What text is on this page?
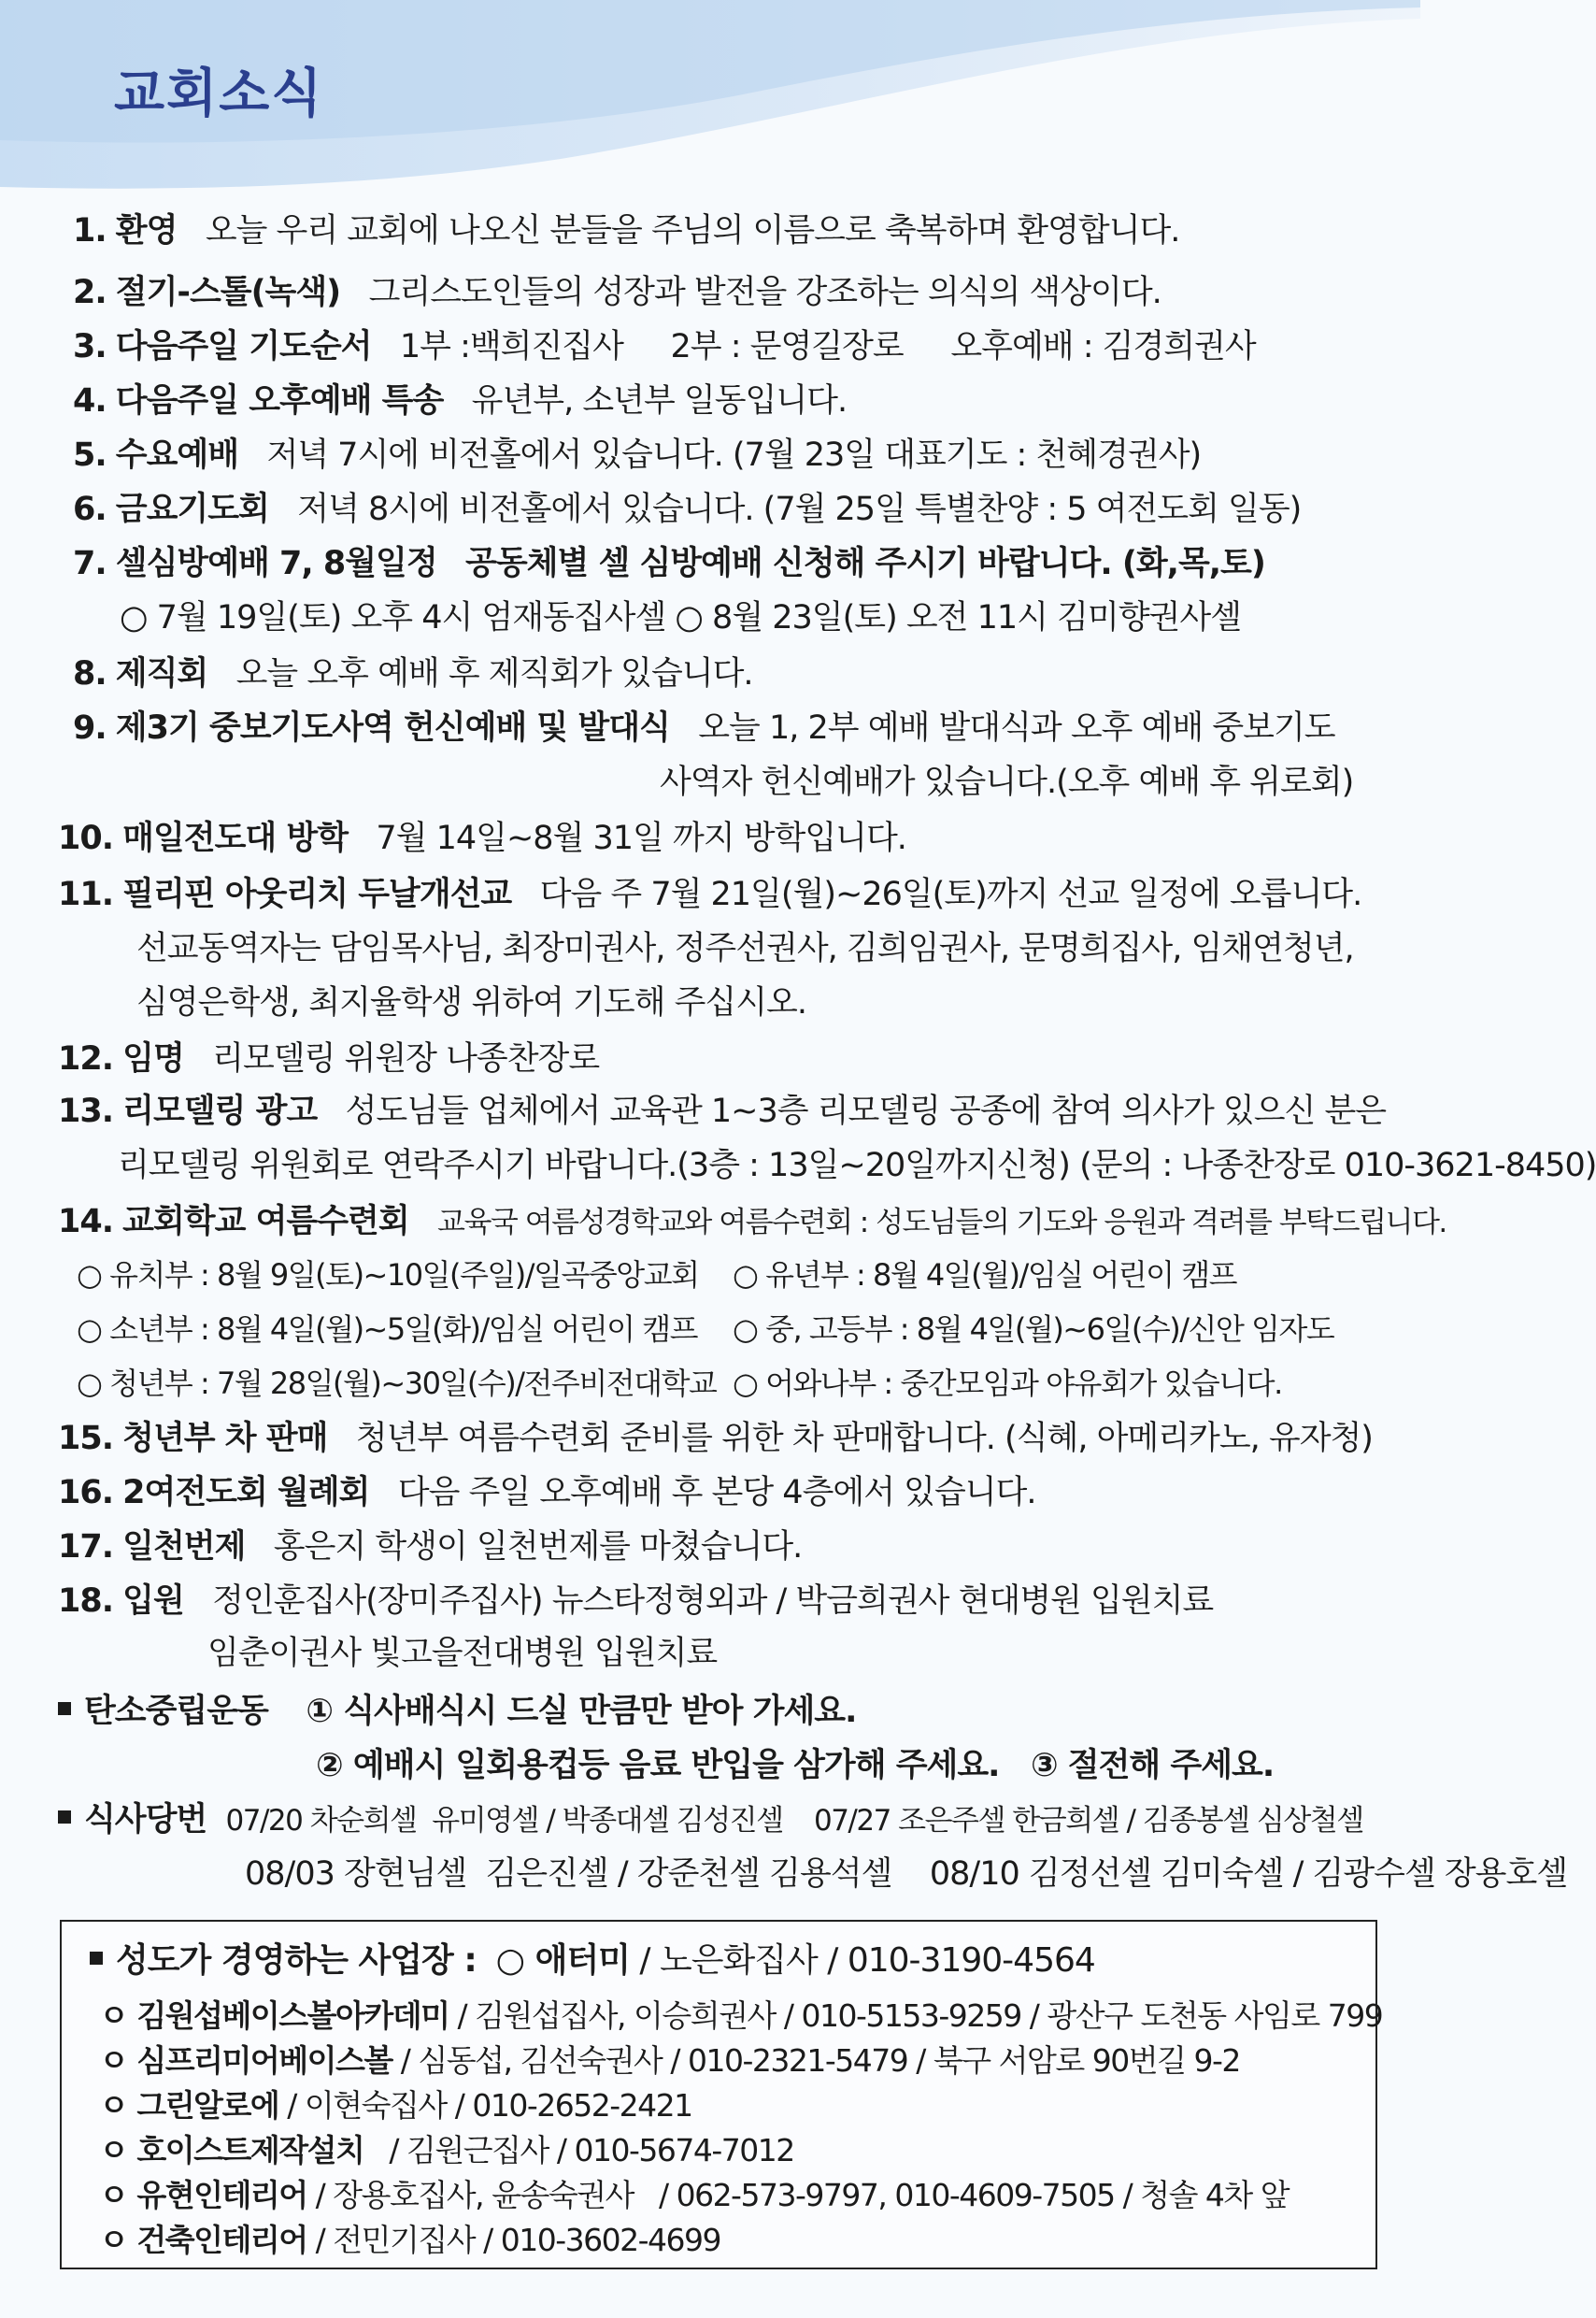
교회소식
1. 환영 오늘 우리 교회에 나오신 분들을 주님의 이름으로 축복하며 환영합니다.
2. 절기-스톨(녹색) 그리스도인들의 성장과 발전을 강조하는 의식의 색상이다.
3. 다음주일 기도순서 1부 :백희진집사     2부 : 문영길장로     오후예배 : 김경희권사
4. 다음주일 오후예배 특송 유년부, 소년부 일동입니다.
5. 수요예배 저녁 7시에 비전홀에서 있습니다. (7월 23일 대표기도 : 천혜경권사)
6. 금요기도회 저녁 8시에 비전홀에서 있습니다. (7월 25일 특별찬양 : 5 여전도회 일동)
7. 셀심방예배 7, 8월일정 공동체별 셀 심방예배 신청해 주시기 바랍니다. (화,목,토)
○ 7월 19일(토) 오후 4시 엄재동집사셀 ○ 8월 23일(토) 오전 11시 김미향권사셀
8. 제직회 오늘 오후 예배 후 제직회가 있습니다.
9. 제3기 중보기도사역 헌신예배 및 발대식 오늘 1, 2부 예배 발대식과 오후 예배 중보기도
사역자 헌신예배가 있습니다.(오후 예배 후 위로회)
10. 매일전도대 방학 7월 14일~8월 31일 까지 방학입니다.
11. 필리핀 아웃리치 두날개선교 다음 주 7월 21일(월)~26일(토)까지 선교 일정에 오릅니다.
선교동역자는 담임목사님, 최장미권사, 정주선권사, 김희임권사, 문명희집사, 임채연청년,
심영은학생, 최지율학생 위하여 기도해 주십시오.
12. 임명 리모델링 위원장 나종찬장로
13. 리모델링 광고 성도님들 업체에서 교육관 1~3층 리모델링 공종에 참여 의사가 있으신 분은
리모델링 위원회로 연락주시기 바랍니다.(3층 : 13일~20일까지신청) (문의 : 나종찬장로 010-3621-8450)
14. 교회학교 여름수련회 교육국 여름성경학교와 여름수련회 : 성도님들의 기도와 응원과 격려를 부탁드립니다.
○ 유치부 : 8월 9일(토)~10일(주일)/일곡중앙교회 ○ 유년부 : 8월 4일(월)/임실 어린이 캠프
○ 소년부 : 8월 4일(월)~5일(화)/임실 어린이 캠프 ○ 중, 고등부 : 8월 4일(월)~6일(수)/신안 임자도
○ 청년부 : 7월 28일(월)~30일(수)/전주비전대학교 ○ 어와나부 : 중간모임과 야유회가 있습니다.
15. 청년부 차 판매 청년부 여름수련회 준비를 위한 차 판매합니다. (식혜, 아메리카노, 유자청)
16. 2여전도회 월례회 다음 주일 오후예배 후 본당 4층에서 있습니다.
17. 일천번제 홍은지 학생이 일천번제를 마쳤습니다.
18. 입원 정인훈집사(장미주집사) 뉴스타정형외과 / 박금희권사 현대병원 입원치료
임춘이권사 빛고을전대병원 입원치료
탄소중립운동 ① 식사배식시 드실 만큼만 받아 가세요.
② 예배시 일회용컵등 음료 반입을 삼가해 주세요.   ③ 절전해 주세요.
식사당번 07/20 차순희셀  유미영셀 / 박종대셀 김성진셀    07/27 조은주셀 한금희셀 / 김종봉셀 심상철셀
08/03 장현님셀  김은진셀 / 강준천셀 김용석셀    08/10 김정선셀 김미숙셀 / 김광수셀 장용호셀
성도가 경영하는 사업장 : ○ 애터미 / 노은화집사 / 010-3190-4564
ㅇ 김원섭베이스볼아카데미 / 김원섭집사, 이승희권사 / 010-5153-9259 / 광산구 도천동 사임로 799
ㅇ 심프리미어베이스볼 / 심동섭, 김선숙권사 / 010-2321-5479 / 북구 서암로 90번길 9-2
ㅇ 그린알로에 / 이현숙집사 / 010-2652-2421
ㅇ 호이스트제작설치   / 김원근집사 / 010-5674-7012
ㅇ 유현인테리어 / 장용호집사, 윤송숙권사   / 062-573-9797, 010-4609-7505 / 청솔 4차 앞
ㅇ 건축인테리어 / 전민기집사 / 010-3602-4699
